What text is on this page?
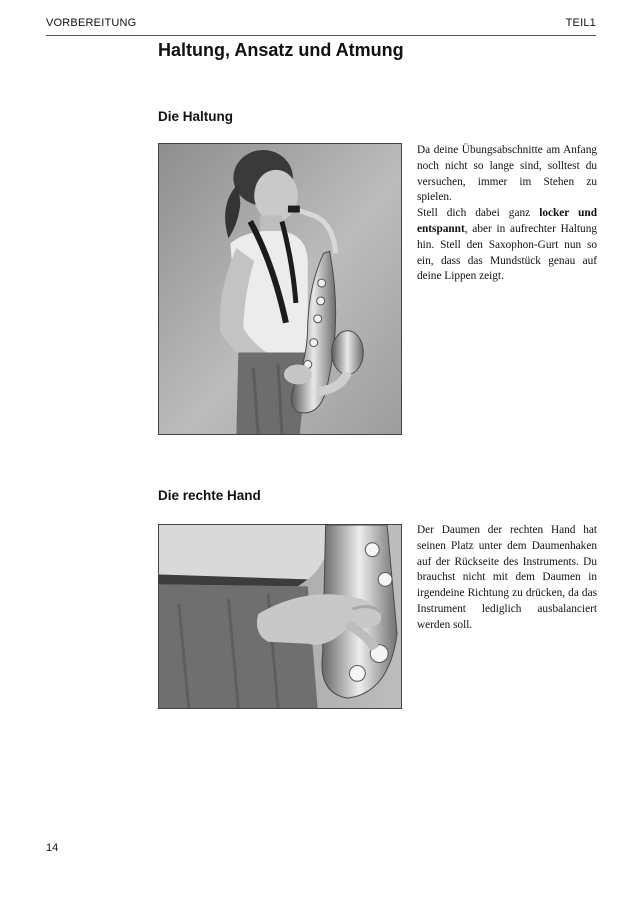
VORBEREITUNG	TEIL1
Haltung, Ansatz und Atmung
Die Haltung

Da deine Übungsabschnitte am Anfang noch nicht so lange sind, solltest du versuchen, immer im Stehen zu spielen.

Stell dich dabei ganz locker und entspannt, aber in aufrechter Haltung hin. Stell den Saxophon-Gurt nun so ein, dass das Mundstück genau auf deine Lippen zeigt.

Die rechte Hand

Der Daumen der rechten Hand hat seinen Platz unter dem Daumenhaken auf der Rückseite des Instruments. Du brauchst nicht mit dem Daumen in irgendeine Richtung zu drücken, da das Instrument lediglich ausbalanciert werden soll.

14
